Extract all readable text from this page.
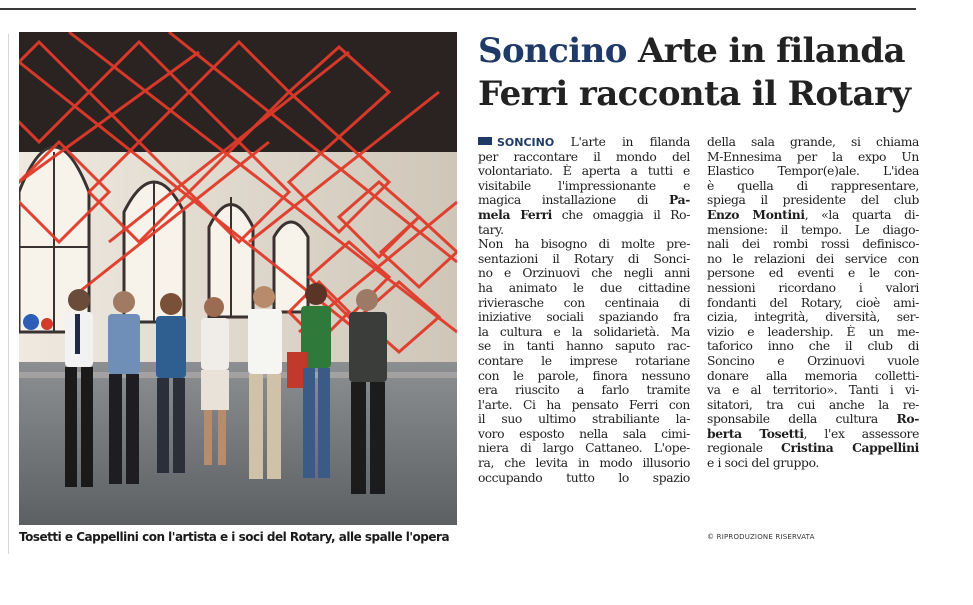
Tosetti e Cappellini con l'artista e i soci del Rotary, alle spalle l'opera
Soncino Arte in filanda
Ferri racconta il Rotary
SONCINO L'arte in filanda
per raccontare il mondo del
volontariato. È aperta a tutti e
visitabile l'impressionante e
magica installazione di Pa-
mela Ferri che omaggia il Ro-
tary.
Non ha bisogno di molte pre-
sentazioni il Rotary di Sonci-
no e Orzinuovi che negli anni
ha animato le due cittadine
rivierasche con centinaia di
iniziative sociali spaziando fra
la cultura e la solidarietà. Ma
se in tanti hanno saputo rac-
contare le imprese rotariane
con le parole, finora nessuno
era riuscito a farlo tramite
l'arte. Ci ha pensato Ferri con
il suo ultimo strabiliante la-
voro esposto nella sala cimi-
niera di largo Cattaneo. L'ope-
ra, che levita in modo illusorio
occupando tutto lo spazio
della sala grande, si chiama
M-Ennesima per la expo Un
Elastico Tempor(e)ale. L'idea
è quella di rappresentare,
spiega il presidente del club
Enzo Montini, «la quarta di-
mensione: il tempo. Le diago-
nali dei rombi rossi definisco-
no le relazioni dei service con
persone ed eventi e le con-
nessioni ricordano i valori
fondanti del Rotary, cioè ami-
cizia, integrità, diversità, ser-
vizio e leadership. È un me-
taforico inno che il club di
Soncino e Orzinuovi vuole
donare alla memoria colletti-
va e al territorio». Tanti i vi-
sitatori, tra cui anche la re-
sponsabile della cultura Ro-
berta Tosetti, l'ex assessore
regionale Cristina Cappellini
e i soci del gruppo.
© RIPRODUZIONE RISERVATA
